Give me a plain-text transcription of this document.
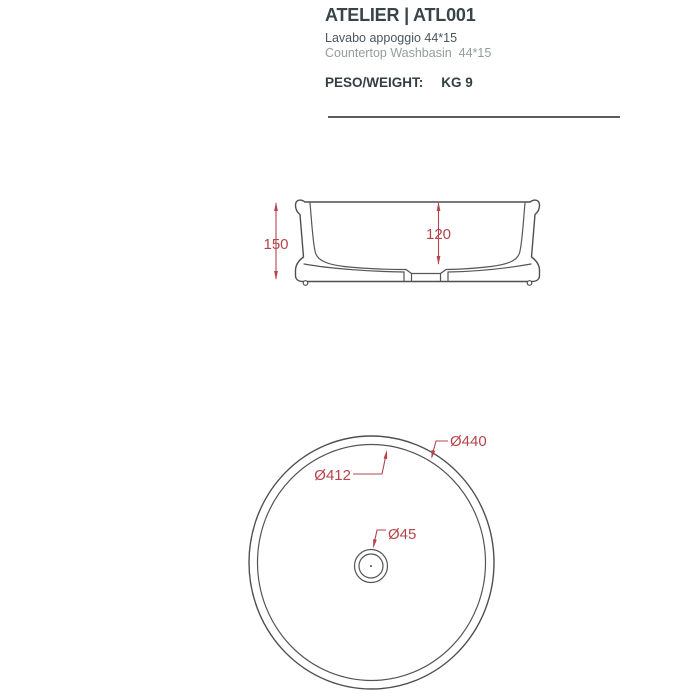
ATELIER | ATL001
Lavabo appoggio 44*15
Countertop Washbasin  44*15
PESO/WEIGHT: KG 9
150
120
Ø440
Ø412
Ø45
